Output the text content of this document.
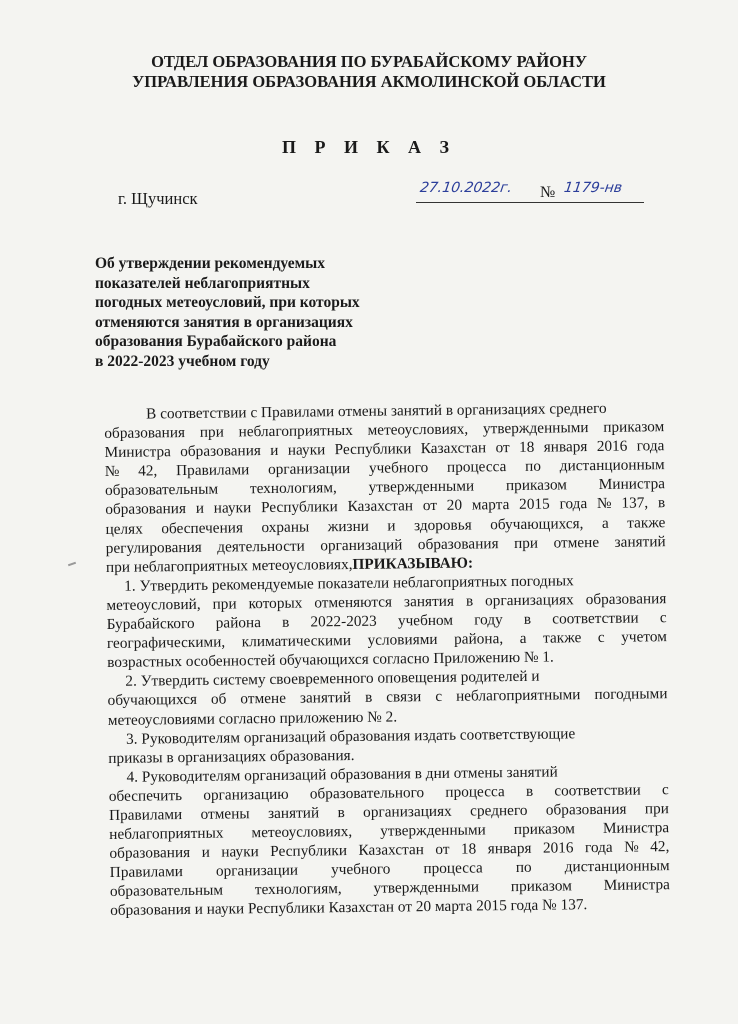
ОТДЕЛ ОБРАЗОВАНИЯ ПО БУРАБАЙСКОМУ РАЙОНУ
УПРАВЛЕНИЯ ОБРАЗОВАНИЯ АКМОЛИНСКОЙ ОБЛАСТИ
П Р И К А З
г. Щучинск
27.10.2022г. № 1179-нв
Об утверждении рекомендуемых
показателей неблагоприятных
погодных метеоусловий, при которых
отменяются занятия в организациях
образования Бурабайского района
в 2022-2023 учебном году
В соответствии с Правилами отмены занятий в организациях среднего
образования при неблагоприятных метеоусловиях, утвержденными приказом
Министра образования и науки Республики Казахстан от 18 января 2016 года
№ 42, Правилами организации учебного процесса по дистанционным
образовательным технологиям, утвержденными приказом Министра
образования и науки Республики Казахстан от 20 марта 2015 года № 137, в
целях обеспечения охраны жизни и здоровья обучающихся, а также
регулирования деятельности организаций образования при отмене занятий
при неблагоприятных метеоусловиях, ПРИКАЗЫВАЮ:
1. Утвердить рекомендуемые показатели неблагоприятных погодных
метеоусловий, при которых отменяются занятия в организациях образования
Бурабайского района в 2022-2023 учебном году в соответствии с
географическими, климатическими условиями района, а также с учетом
возрастных особенностей обучающихся согласно Приложению № 1.
2. Утвердить систему своевременного оповещения родителей и
обучающихся об отмене занятий в связи с неблагоприятными погодными
метеоусловиями согласно приложению № 2.
3. Руководителям организаций образования издать соответствующие
приказы в организациях образования.
4. Руководителям организаций образования в дни отмены занятий
обеспечить организацию образовательного процесса в соответствии с
Правилами отмены занятий в организациях среднего образования при
неблагоприятных метеоусловиях, утвержденными приказом Министра
образования и науки Республики Казахстан от 18 января 2016 года № 42,
Правилами организации учебного процесса по дистанционным
образовательным технологиям, утвержденными приказом Министра
образования и науки Республики Казахстан от 20 марта 2015 года № 137.
